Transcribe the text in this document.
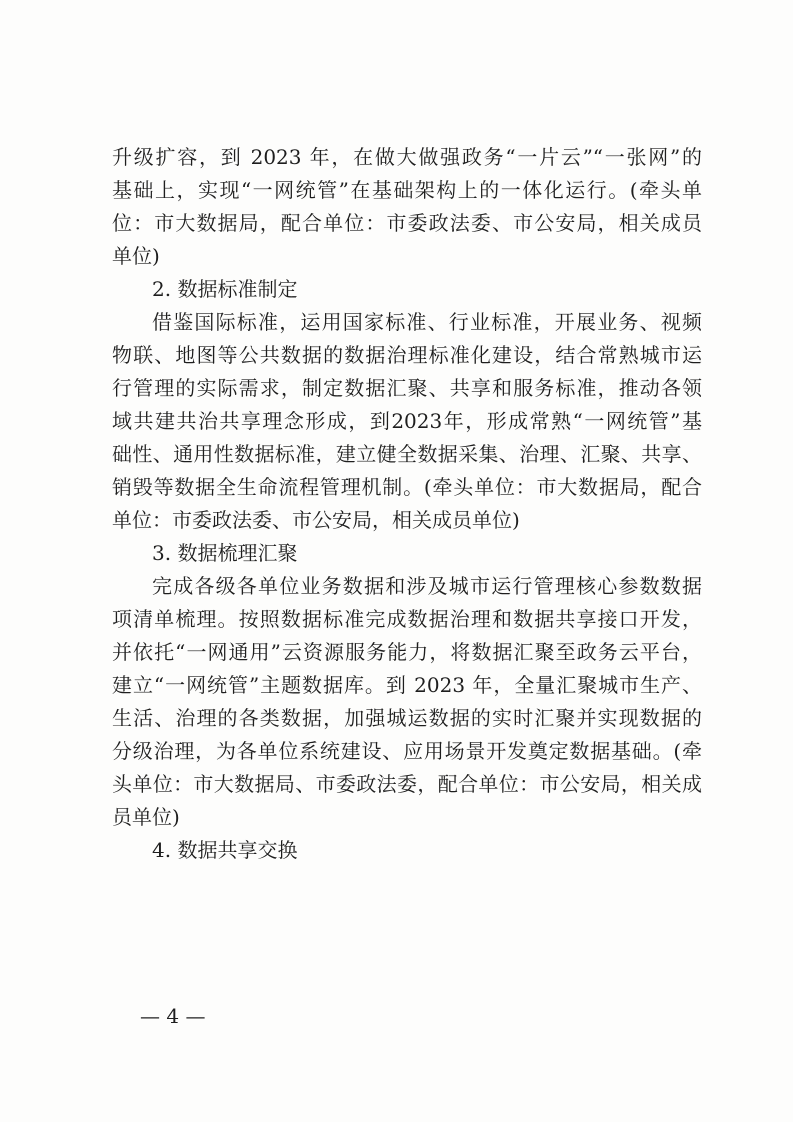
升级扩容，到 2023 年，在做大做强政务“一片云”“一张网”的
基础上，实现“一网统管”在基础架构上的一体化运行。(牵头单
位：市大数据局，配合单位：市委政法委、市公安局，相关成员
单位)
2. 数据标准制定
借鉴国际标准，运用国家标准、行业标准，开展业务、视频
物联、地图等公共数据的数据治理标准化建设，结合常熟城市运
行管理的实际需求，制定数据汇聚、共享和服务标准，推动各领
域共建共治共享理念形成，到2023年，形成常熟“一网统管”基
础性、通用性数据标准，建立健全数据采集、治理、汇聚、共享、
销毁等数据全生命流程管理机制。(牵头单位：市大数据局，配合
单位：市委政法委、市公安局，相关成员单位)
3. 数据梳理汇聚
完成各级各单位业务数据和涉及城市运行管理核心参数数据
项清单梳理。按照数据标准完成数据治理和数据共享接口开发，
并依托“一网通用”云资源服务能力，将数据汇聚至政务云平台，
建立“一网统管”主题数据库。到 2023 年，全量汇聚城市生产、
生活、治理的各类数据，加强城运数据的实时汇聚并实现数据的
分级治理，为各单位系统建设、应用场景开发奠定数据基础。(牵
头单位：市大数据局、市委政法委，配合单位：市公安局，相关成
员单位)
4. 数据共享交换
— 4 —
